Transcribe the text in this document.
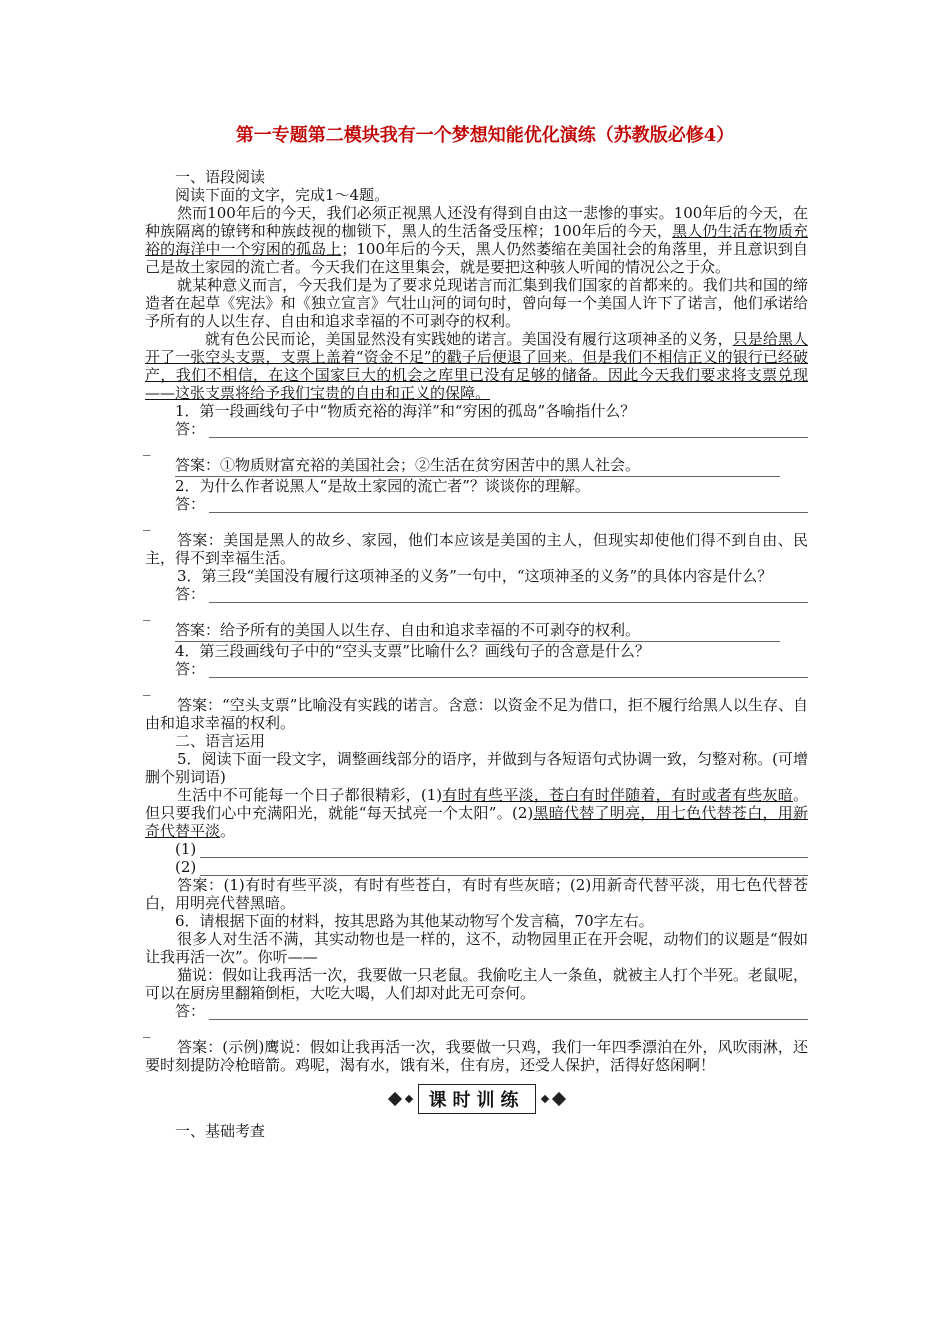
第一专题第二模块我有一个梦想知能优化演练（苏教版必修4）

一、语段阅读

阅读下面的文字，完成1～4题。

然而100年后的今天，我们必须正视黑人还没有得到自由这一悲惨的事实。100年后的今天，在种族隔离的镣铐和种族歧视的枷锁下，黑人的生活备受压榨；100年后的今天，黑人仍生活在物质充裕的海洋中一个穷困的孤岛上；100年后的今天，黑人仍然萎缩在美国社会的角落里，并且意识到自己是故土家园的流亡者。今天我们在这里集会，就是要把这种骇人听闻的情况公之于众。

就某种意义而言，今天我们是为了要求兑现诺言而汇集到我们国家的首都来的。我们共和国的缔造者在起草《宪法》和《独立宣言》气壮山河的词句时，曾向每一个美国人许下了诺言，他们承诺给予所有的人以生存、自由和追求幸福的不可剥夺的权利。

就有色公民而论，美国显然没有实践她的诺言。美国没有履行这项神圣的义务，只是给黑人开了一张空头支票，支票上盖着“资金不足”的戳子后便退了回来。但是我们不相信正义的银行已经破产，我们不相信，在这个国家巨大的机会之库里已没有足够的储备。因此今天我们要求将支票兑现——这张支票将给予我们宝贵的自由和正义的保障。

1．第一段画线句子中“物质充裕的海洋”和“穷困的孤岛”各喻指什么？

答：
_

答案：①物质财富充裕的美国社会；②生活在贫穷困苦中的黑人社会。

2．为什么作者说黑人“是故土家园的流亡者”？谈谈你的理解。

答：
_

答案：美国是黑人的故乡、家园，他们本应该是美国的主人，但现实却使他们得不到自由、民主，得不到幸福生活。

3．第三段“美国没有履行这项神圣的义务”一句中，“这项神圣的义务”的具体内容是什么？

答：
_

答案：给予所有的美国人以生存、自由和追求幸福的不可剥夺的权利。

4．第三段画线句子中的“空头支票”比喻什么？画线句子的含意是什么？

答：
_

答案：“空头支票”比喻没有实践的诺言。含意：以资金不足为借口，拒不履行给黑人以生存、自由和追求幸福的权利。

二、语言运用

5．阅读下面一段文字，调整画线部分的语序，并做到与各短语句式协调一致，匀整对称。(可增删个别词语)

生活中不可能每一个日子都很精彩，(1)有时有些平淡，苍白有时伴随着，有时或者有些灰暗。但只要我们心中充满阳光，就能“每天拭亮一个太阳”。(2)黑暗代替了明亮，用七色代替苍白，用新奇代替平淡。

(1)
(2)

答案：(1)有时有些平淡，有时有些苍白，有时有些灰暗；(2)用新奇代替平淡，用七色代替苍白，用明亮代替黑暗。

6．请根据下面的材料，按其思路为其他某动物写个发言稿，70字左右。

很多人对生活不满，其实动物也是一样的，这不，动物园里正在开会呢，动物们的议题是“假如让我再活一次”。你听——

猫说：假如让我再活一次，我要做一只老鼠。我偷吃主人一条鱼，就被主人打个半死。老鼠呢，可以在厨房里翻箱倒柜，大吃大喝，人们却对此无可奈何。

答：
_

答案：(示例)鹰说：假如让我再活一次，我要做一只鸡，我们一年四季漂泊在外，风吹雨淋，还要时刻提防冷枪暗箭。鸡呢，渴有水，饿有米，住有房，还受人保护，活得好悠闲啊！

课时训练

一、基础考查
